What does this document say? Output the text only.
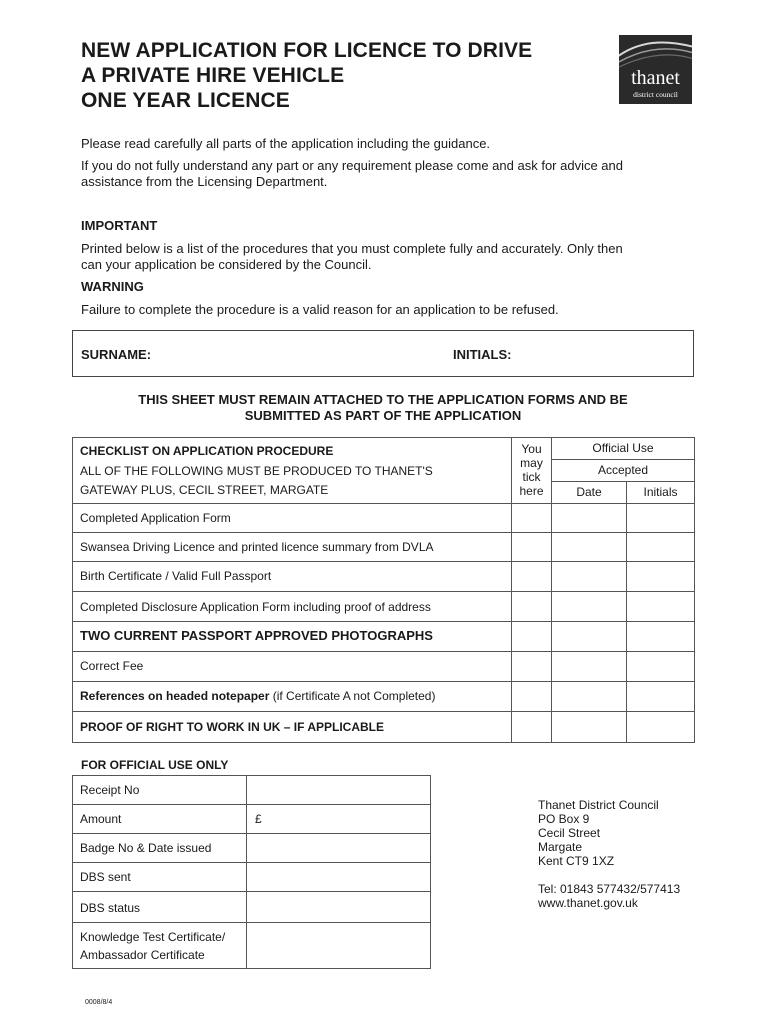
NEW APPLICATION FOR LICENCE TO DRIVE
A PRIVATE HIRE VEHICLE
ONE YEAR LICENCE
thanet
district council
Please read carefully all parts of the application including the guidance.
If you do not fully understand any part or any requirement please come and ask for advice and
assistance from the Licensing Department.
IMPORTANT
Printed below is a list of the procedures that you must complete fully and accurately. Only then
can your application be considered by the Council.
WARNING
Failure to complete the procedure is a valid reason for an application to be refused.
SURNAME:	INITIALS:
THIS SHEET MUST REMAIN ATTACHED TO THE APPLICATION FORMS AND BE
SUBMITTED AS PART OF THE APPLICATION
CHECKLIST ON APPLICATION PROCEDURE
ALL OF THE FOLLOWING MUST BE PRODUCED TO THANET'S
GATEWAY PLUS, CECIL STREET, MARGATE
You
may
tick
here
Official Use
Accepted
Date	Initials
Completed Application Form
Swansea Driving Licence and printed licence summary from DVLA
Birth Certificate / Valid Full Passport
Completed Disclosure Application Form including proof of address
TWO CURRENT PASSPORT APPROVED PHOTOGRAPHS
Correct Fee
References on headed notepaper (if Certificate A not Completed)
PROOF OF RIGHT TO WORK IN UK – IF APPLICABLE
FOR OFFICIAL USE ONLY
Receipt No
Amount	£
Badge No & Date issued
DBS sent
DBS status
Knowledge Test Certificate/
Ambassador Certificate
Thanet District Council
PO Box 9
Cecil Street
Margate
Kent CT9 1XZ
Tel: 01843 577432/577413
www.thanet.gov.uk
0008/8/4
